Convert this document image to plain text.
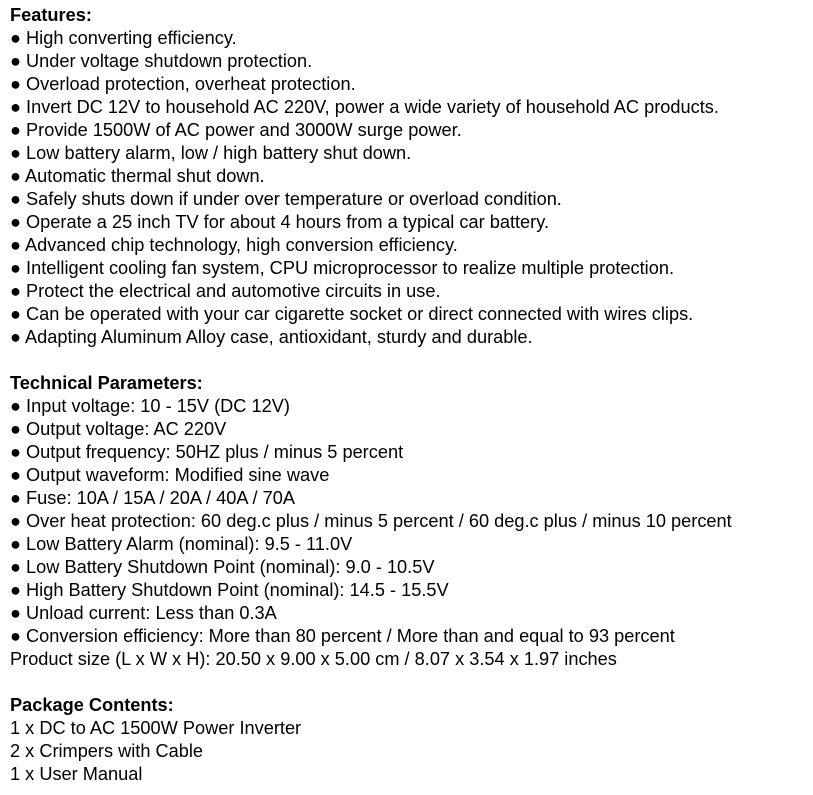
Features:
● High converting efficiency.
● Under voltage shutdown protection.
● Overload protection, overheat protection.
● Invert DC 12V to household AC 220V, power a wide variety of household AC products.
● Provide 1500W of AC power and 3000W surge power.
● Low battery alarm, low / high battery shut down.
● Automatic thermal shut down.
● Safely shuts down if under over temperature or overload condition.
● Operate a 25 inch TV for about 4 hours from a typical car battery.
● Advanced chip technology, high conversion efficiency.
● Intelligent cooling fan system, CPU microprocessor to realize multiple protection.
● Protect the electrical and automotive circuits in use.
● Can be operated with your car cigarette socket or direct connected with wires clips.
● Adapting Aluminum Alloy case, antioxidant, sturdy and durable.
Technical Parameters:
● Input voltage: 10 - 15V (DC 12V)
● Output voltage: AC 220V
● Output frequency: 50HZ plus / minus 5 percent
● Output waveform: Modified sine wave
● Fuse: 10A / 15A / 20A / 40A / 70A
● Over heat protection: 60 deg.c plus / minus 5 percent / 60 deg.c plus / minus 10 percent
● Low Battery Alarm (nominal): 9.5 - 11.0V
● Low Battery Shutdown Point (nominal): 9.0 - 10.5V
● High Battery Shutdown Point (nominal): 14.5 - 15.5V
● Unload current: Less than 0.3A
● Conversion efficiency: More than 80 percent / More than and equal to 93 percent
Product size (L x W x H): 20.50 x 9.00 x 5.00 cm / 8.07 x 3.54 x 1.97 inches
Package Contents:
1 x DC to AC 1500W Power Inverter
2 x Crimpers with Cable
1 x User Manual
